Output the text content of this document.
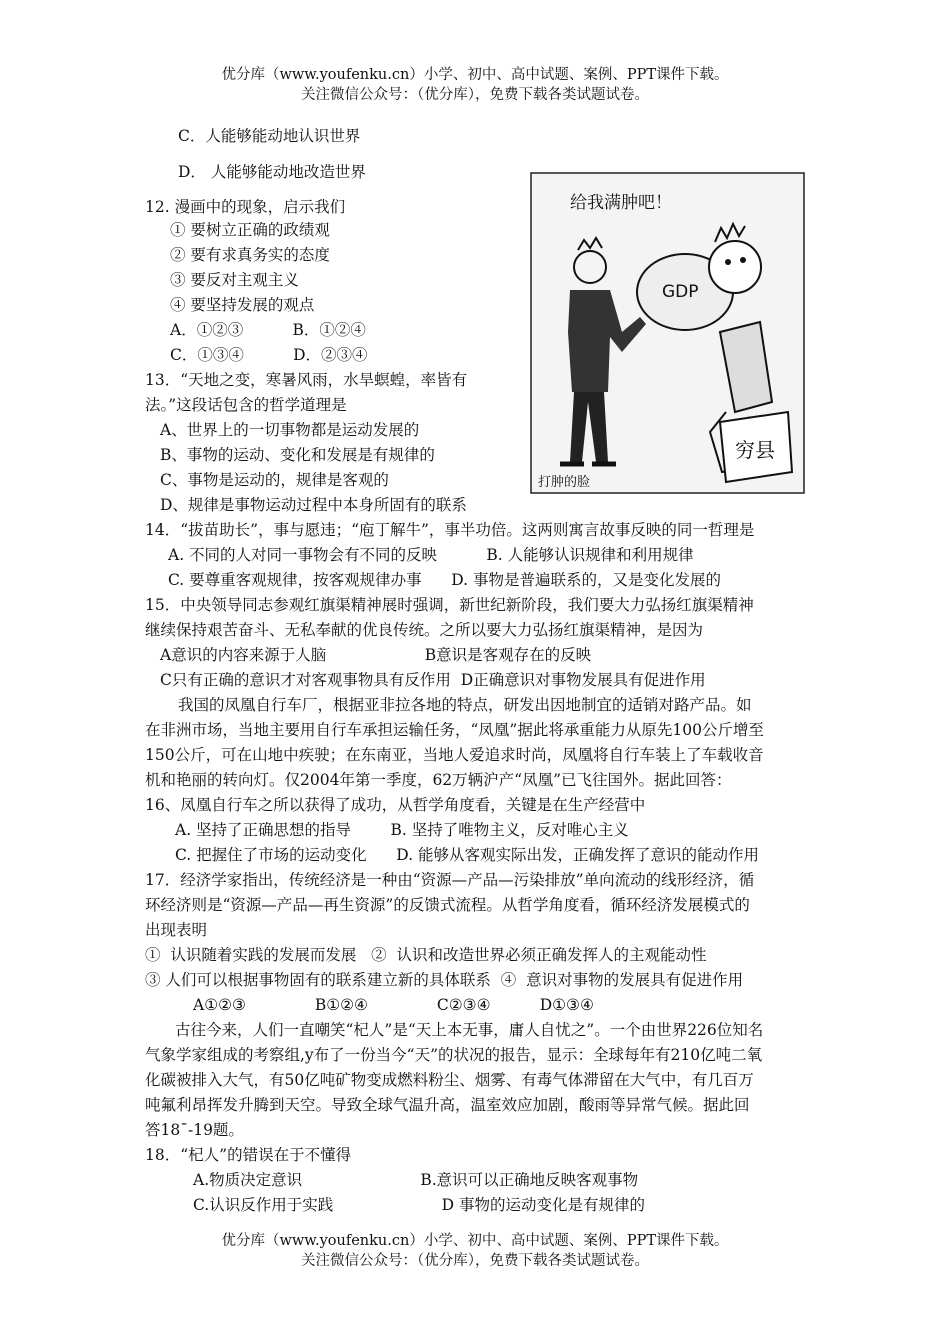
优分库（www.youfenku.cn）小学、初中、高中试题、案例、PPT课件下载。
关注微信公众号：（优分库），免费下载各类试题试卷。
C．人能够能动地认识世界
D． 人能够能动地改造世界
12. 漫画中的现象，启示我们
① 要树立正确的政绩观
② 要有求真务实的态度
③ 要反对主观主义
④ 要坚持发展的观点
A．①②③          B．①②④
C．①③④          D．②③④
13．“天地之变，寒暑风雨，水旱螟蝗，率皆有
法。”这段话包含的哲学道理是
A、世界上的一切事物都是运动发展的
B、事物的运动、变化和发展是有规律的
C、事物是运动的，规律是客观的
D、规律是事物运动过程中本身所固有的联系
给我满肿吧！
GDP
穷县
打肿的脸
14．“拔苗助长”，事与愿违；“庖丁解牛”，事半功倍。这两则寓言故事反映的同一哲理是
A. 不同的人对同一事物会有不同的反映          B. 人能够认识规律和利用规律
C. 要尊重客观规律，按客观规律办事      D. 事物是普遍联系的，又是变化发展的
15．中央领导同志参观红旗渠精神展时强调，新世纪新阶段，我们要大力弘扬红旗渠精神
继续保持艰苦奋斗、无私奉献的优良传统。之所以要大力弘扬红旗渠精神，是因为
A意识的内容来源于人脑                    B意识是客观存在的反映
C只有正确的意识才对客观事物具有反作用  D正确意识对事物发展具有促进作用
我国的凤凰自行车厂，根据亚非拉各地的特点，研发出因地制宜的适销对路产品。如
在非洲市场，当地主要用自行车承担运输任务，“凤凰”据此将承重能力从原先100公斤增至
150公斤，可在山地中疾驶；在东南亚，当地人爱追求时尚，凤凰将自行车装上了车载收音
机和艳丽的转向灯。仅2004年第一季度，62万辆沪产“凤凰”已飞往国外。据此回答：
16、凤凰自行车之所以获得了成功，从哲学角度看，关键是在生产经营中
A. 坚持了正确思想的指导        B. 坚持了唯物主义，反对唯心主义
C. 把握住了市场的运动变化      D. 能够从客观实际出发，正确发挥了意识的能动作用
17．经济学家指出，传统经济是一种由“资源—产品—污染排放”单向流动的线形经济，循
环经济则是“资源—产品—再生资源”的反馈式流程。从哲学角度看，循环经济发展模式的
出现表明
①  认识随着实践的发展而发展   ②  认识和改造世界必须正确发挥人的主观能动性
③ 人们可以根据事物固有的联系建立新的具体联系  ④  意识对事物的发展具有促进作用
A①②③              B①②④              C②③④          D①③④
古往今来，人们一直嘲笑“杞人”是“天上本无事，庸人自忧之”。一个由世界226位知名
气象学家组成的考察组,y布了一份当今“天”的状况的报告，显示：全球每年有210亿吨二氧
化碳被排入大气，有50亿吨矿物变成燃料粉尘、烟雾、有毒气体滞留在大气中，有几百万
吨氟利昂挥发升腾到天空。导致全球气温升高，温室效应加剧，酸雨等异常气候。据此回
答18ˉ-19题。
18．“杞人”的错误在于不懂得
A.物质决定意识                        B.意识可以正确地反映客观事物
C.认识反作用于实践                      D 事物的运动变化是有规律的
优分库（www.youfenku.cn）小学、初中、高中试题、案例、PPT课件下载。
关注微信公众号：（优分库），免费下载各类试题试卷。
